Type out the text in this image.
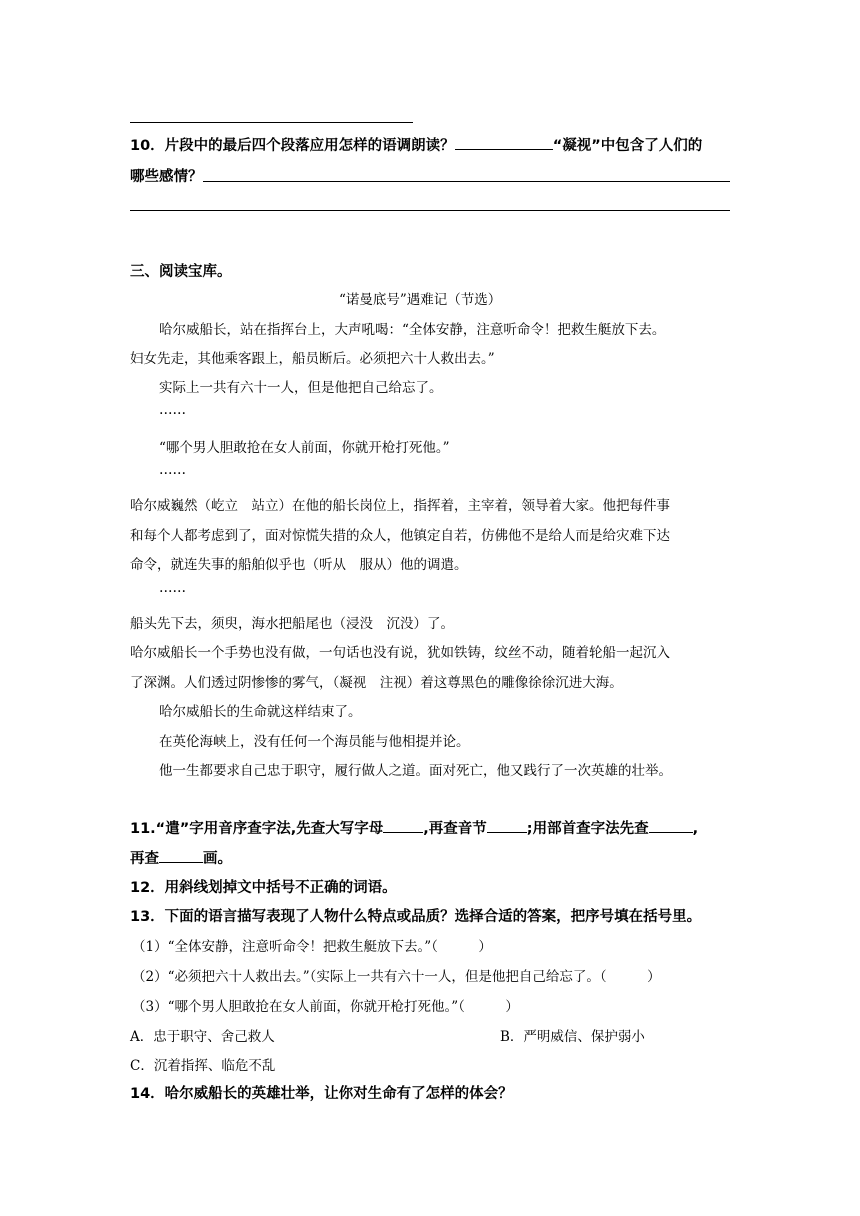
10．片段中的最后四个段落应用怎样的语调朗读？	“凝视”中包含了人们的
哪些感情？
三、阅读宝库。
“诺曼底号”遇难记（节选）
哈尔威船长，站在指挥台上，大声吼喝：“全体安静，注意听命令！把救生艇放下去。
妇女先走，其他乘客跟上，船员断后。必须把六十人救出去。”
实际上一共有六十一人，但是他把自己给忘了。
……
“哪个男人胆敢抢在女人前面，你就开枪打死他。”
……
哈尔威巍然（屹立　站立）在他的船长岗位上，指挥着，主宰着，领导着大家。他把每件事
和每个人都考虑到了，面对惊慌失措的众人，他镇定自若，仿佛他不是给人而是给灾难下达
命令，就连失事的船舶似乎也（听从　服从）他的调遣。
……
船头先下去，须臾，海水把船尾也（浸没　沉没）了。
哈尔威船长一个手势也没有做，一句话也没有说，犹如铁铸，纹丝不动，随着轮船一起沉入
了深渊。人们透过阴惨惨的雾气，（凝视　注视）着这尊黑色的雕像徐徐沉进大海。
哈尔威船长的生命就这样结束了。
在英伦海峡上，没有任何一个海员能与他相提并论。
他一生都要求自己忠于职守，履行做人之道。面对死亡，他又践行了一次英雄的壮举。
11.“遣”字用音序查字法,先查大写字母	,再查音节	;用部首查字法先查	,
再查	画。
12．用斜线划掉文中括号不正确的词语。
13．下面的语言描写表现了人物什么特点或品质？选择合适的答案，把序号填在括号里。
（1）“全体安静，注意听命令！把救生艇放下去。”（　　　）
（2）“必须把六十人救出去。”（实际上一共有六十一人，但是他把自己给忘了。（　　　）
（3）“哪个男人胆敢抢在女人前面，你就开枪打死他。”（　　　）
A．忠于职守、舍己救人	B．严明威信、保护弱小
C．沉着指挥、临危不乱
14．哈尔威船长的英雄壮举，让你对生命有了怎样的体会？
